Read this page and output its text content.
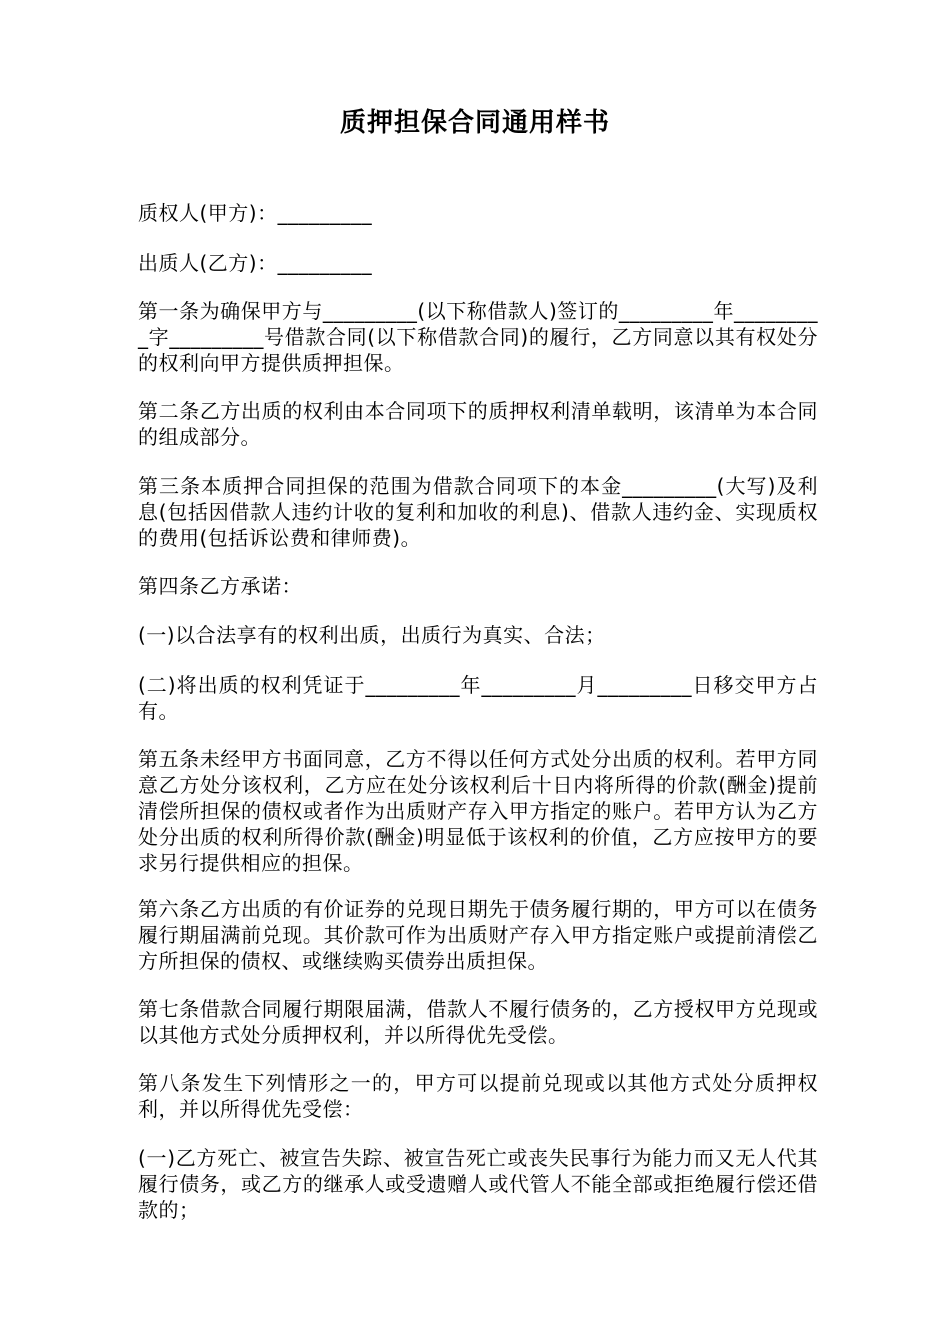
质押担保合同通用样书

质权人(甲方)：_________

出质人(乙方)：_________

第一条为确保甲方与_________(以下称借款人)签订的_________年_________字_________号借款合同(以下称借款合同)的履行，乙方同意以其有权处分的权利向甲方提供质押担保。

第二条乙方出质的权利由本合同项下的质押权利清单载明，该清单为本合同的组成部分。

第三条本质押合同担保的范围为借款合同项下的本金_________(大写)及利息(包括因借款人违约计收的复利和加收的利息)、借款人违约金、实现质权的费用(包括诉讼费和律师费)。

第四条乙方承诺：

(一)以合法享有的权利出质，出质行为真实、合法；

(二)将出质的权利凭证于_________年_________月_________日移交甲方占有。

第五条未经甲方书面同意，乙方不得以任何方式处分出质的权利。若甲方同意乙方处分该权利，乙方应在处分该权利后十日内将所得的价款(酬金)提前清偿所担保的债权或者作为出质财产存入甲方指定的账户。若甲方认为乙方处分出质的权利所得价款(酬金)明显低于该权利的价值，乙方应按甲方的要求另行提供相应的担保。

第六条乙方出质的有价证券的兑现日期先于债务履行期的，甲方可以在债务履行期届满前兑现。其价款可作为出质财产存入甲方指定账户或提前清偿乙方所担保的债权、或继续购买债券出质担保。

第七条借款合同履行期限届满，借款人不履行债务的，乙方授权甲方兑现或以其他方式处分质押权利，并以所得优先受偿。

第八条发生下列情形之一的，甲方可以提前兑现或以其他方式处分质押权利，并以所得优先受偿：

(一)乙方死亡、被宣告失踪、被宣告死亡或丧失民事行为能力而又无人代其履行债务，或乙方的继承人或受遗赠人或代管人不能全部或拒绝履行偿还借款的；
